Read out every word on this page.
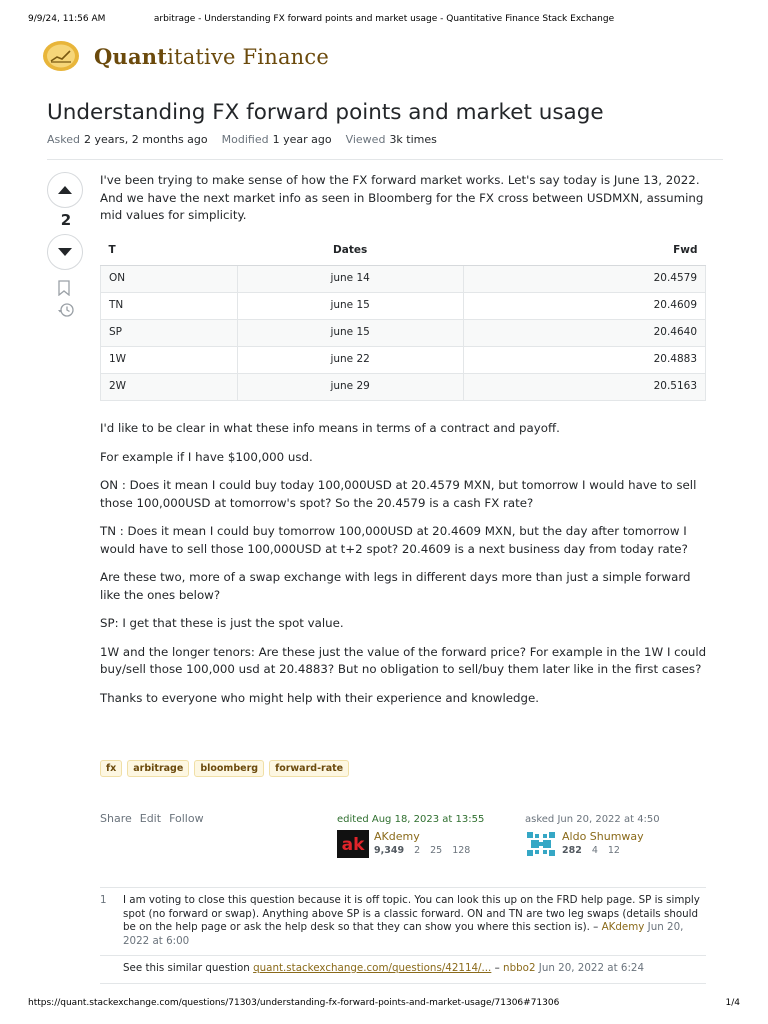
9/9/24, 11:56 AM	arbitrage - Understanding FX forward points and market usage - Quantitative Finance Stack Exchange
Quantitative Finance
Understanding FX forward points and market usage
Asked 2 years, 2 months ago Modified 1 year ago Viewed 3k times
2

I've been trying to make sense of how the FX forward market works. Let's say today is June 13, 2022. And we have the next market info as seen in Bloomberg for the FX cross between USDMXN, assuming mid values for simplicity.

T	Dates	Fwd
ON	june 14	20.4579
TN	june 15	20.4609
SP	june 15	20.4640
1W	june 22	20.4883
2W	june 29	20.5163

I'd like to be clear in what these info means in terms of a contract and payoff.

For example if I have $100,000 usd.

ON : Does it mean I could buy today 100,000USD at 20.4579 MXN, but tomorrow I would have to sell those 100,000USD at tomorrow's spot? So the 20.4579 is a cash FX rate?

TN : Does it mean I could buy tomorrow 100,000USD at 20.4609 MXN, but the day after tomorrow I would have to sell those 100,000USD at t+2 spot? 20.4609 is a next business day from today rate?

Are these two, more of a swap exchange with legs in different days more than just a simple forward like the ones below?

SP: I get that these is just the spot value.

1W and the longer tenors: Are these just the value of the forward price? For example in the 1W I could buy/sell those 100,000 usd at 20.4883? But no obligation to sell/buy them later like in the first cases?

Thanks to everyone who might help with their experience and knowledge.

fx	arbitrage	bloomberg	forward-rate
Share Edit Follow	edited Aug 18, 2023 at 13:55
ak AKdemy
9,349 2 25 128
asked Jun 20, 2022 at 4:50
Aldo Shumway
282 4 12
1	I am voting to close this question because it is off topic. You can look this up on the FRD help page. SP is simply spot (no forward or swap). Anything above SP is a classic forward. ON and TN are two leg swaps (details should be on the help page or ask the help desk so that they can show you where this section is). – AKdemy Jun 20, 2022 at 6:00
See this similar question quant.stackexchange.com/questions/42114/... – nbbo2 Jun 20, 2022 at 6:24
https://quant.stackexchange.com/questions/71303/understanding-fx-forward-points-and-market-usage/71306#71306	1/4
